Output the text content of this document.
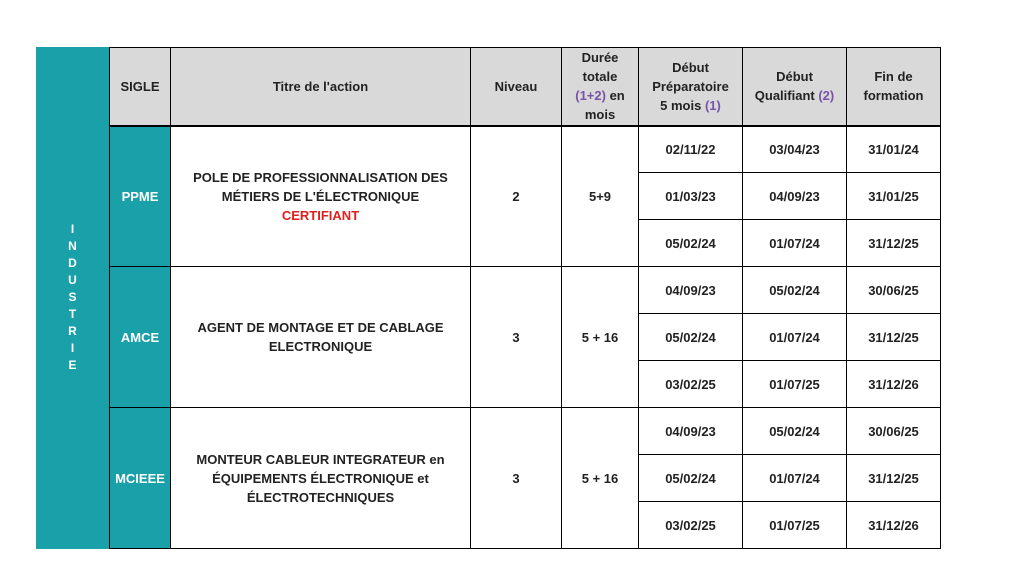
INDUSTRIE
SIGLE	Titre de l'action	Niveau	Durée
totale
(1+2) en
mois	Début
Préparatoire
5 mois (1)	Début
Qualifiant (2)	Fin de
formation
PPME	POLE DE PROFESSIONNALISATION DES
MÉTIERS DE L'ÉLECTRONIQUE
CERTIFIANT	2	5+9	02/11/22	03/04/23	31/01/24
				01/03/23	04/09/23	31/01/25
				05/02/24	01/07/24	31/12/25
AMCE	AGENT DE MONTAGE ET DE CABLAGE
ELECTRONIQUE	3	5 + 16	04/09/23	05/02/24	30/06/25
				05/02/24	01/07/24	31/12/25
				03/02/25	01/07/25	31/12/26
MCIEEE	MONTEUR CABLEUR INTEGRATEUR en
ÉQUIPEMENTS ÉLECTRONIQUE et
ÉLECTROTECHNIQUES	3	5 + 16	04/09/23	05/02/24	30/06/25
				05/02/24	01/07/24	31/12/25
				03/02/25	01/07/25	31/12/26
